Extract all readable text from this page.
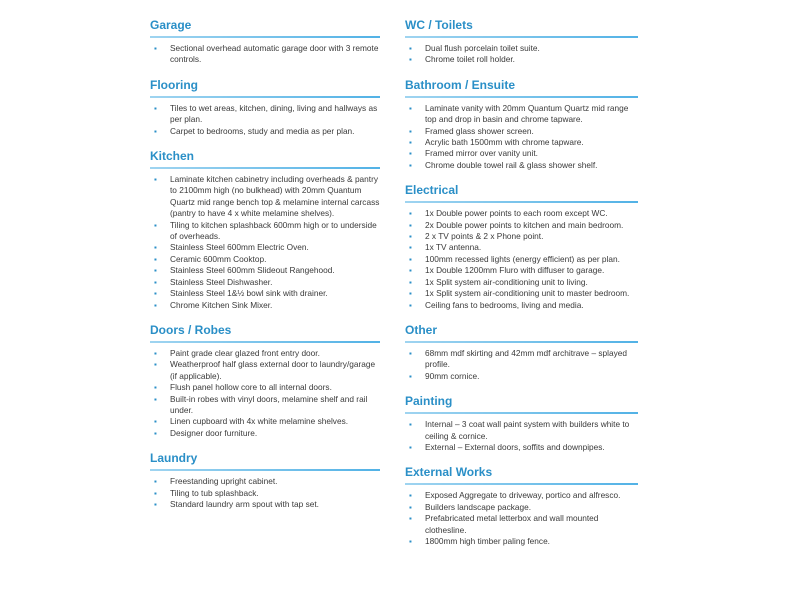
Garage
▪ Sectional overhead automatic garage door with 3 remote controls.
Flooring
▪ Tiles to wet areas, kitchen, dining, living and hallways as per plan.
▪ Carpet to bedrooms, study and media as per plan.
Kitchen
▪ Laminate kitchen cabinetry including overheads & pantry to 2100mm high (no bulkhead) with 20mm Quantum Quartz mid range bench top & melamine internal carcass (pantry to have 4 x white melamine shelves).
▪ Tiling to kitchen splashback 600mm high or to underside of overheads.
▪ Stainless Steel 600mm Electric Oven.
▪ Ceramic 600mm Cooktop.
▪ Stainless Steel 600mm Slideout Rangehood.
▪ Stainless Steel Dishwasher.
▪ Stainless Steel 1&½ bowl sink with drainer.
▪ Chrome Kitchen Sink Mixer.
Doors / Robes
▪ Paint grade clear glazed front entry door.
▪ Weatherproof half glass external door to laundry/garage (if applicable).
▪ Flush panel hollow core to all internal doors.
▪ Built-in robes with vinyl doors, melamine shelf and rail under.
▪ Linen cupboard with 4x white melamine shelves.
▪ Designer door furniture.
Laundry
▪ Freestanding upright cabinet.
▪ Tiling to tub splashback.
▪ Standard laundry arm spout with tap set.
WC / Toilets
▪ Dual flush porcelain toilet suite.
▪ Chrome toilet roll holder.
Bathroom / Ensuite
▪ Laminate vanity with 20mm Quantum Quartz mid range top and drop in basin and chrome tapware.
▪ Framed glass shower screen.
▪ Acrylic bath 1500mm with chrome tapware.
▪ Framed mirror over vanity unit.
▪ Chrome double towel rail & glass shower shelf.
Electrical
▪ 1x Double power points to each room except WC.
▪ 2x Double power points to kitchen and main bedroom.
▪ 2 x TV points & 2 x Phone point.
▪ 1x TV antenna.
▪ 100mm recessed lights (energy efficient) as per plan.
▪ 1x Double 1200mm Fluro with diffuser to garage.
▪ 1x Split system air-conditioning unit to living.
▪ 1x Split system air-conditioning unit to master bedroom.
▪ Ceiling fans to bedrooms, living and media.
Other
▪ 68mm mdf skirting and 42mm mdf architrave – splayed profile.
▪ 90mm cornice.
Painting
▪ Internal – 3 coat wall paint system with builders white to ceiling & cornice.
▪ External – External doors, soffits and downpipes.
External Works
▪ Exposed Aggregate to driveway, portico and alfresco.
▪ Builders landscape package.
▪ Prefabricated metal letterbox and wall mounted clothesline.
▪ 1800mm high timber paling fence.
